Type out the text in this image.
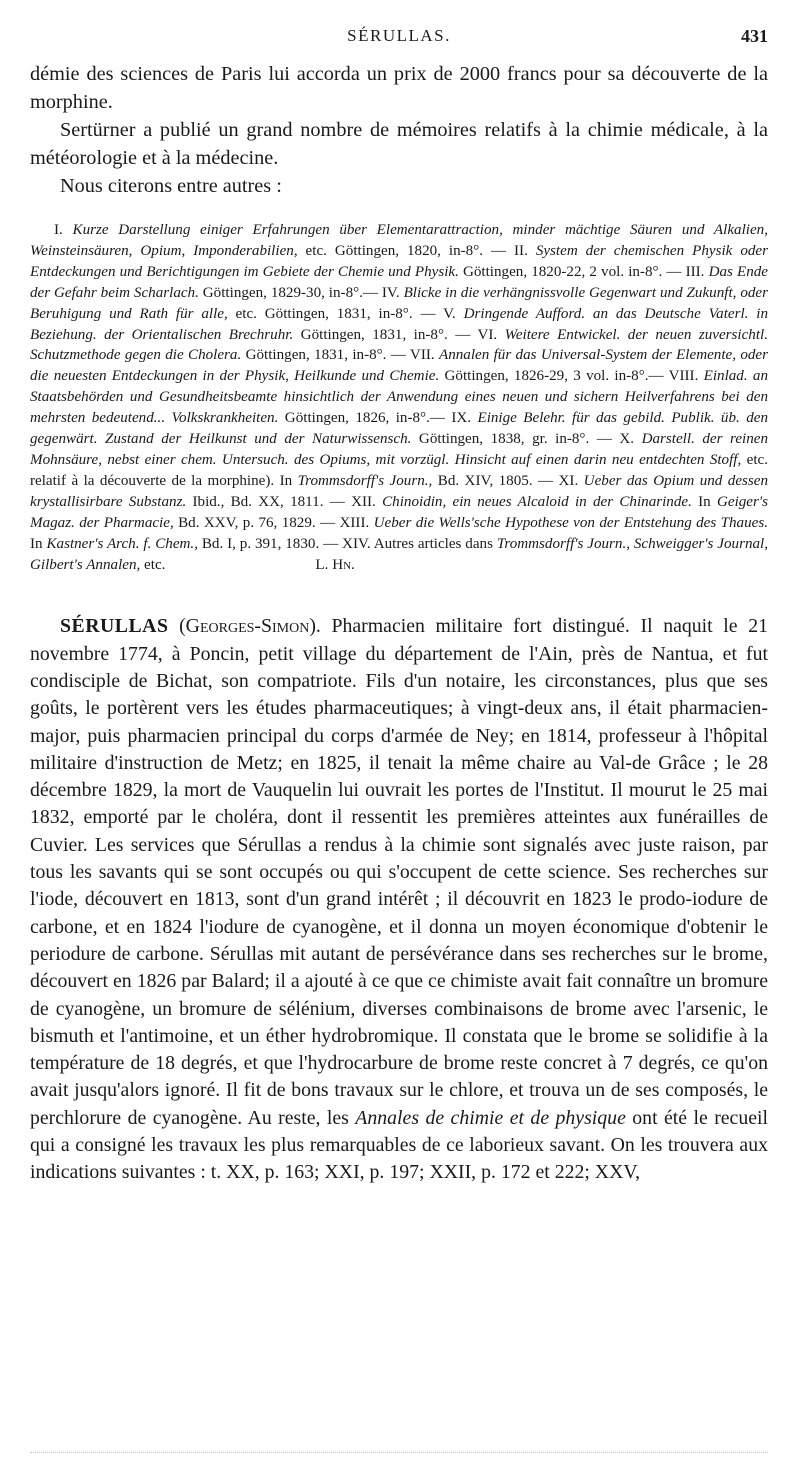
SÉRULLAS.	431

démie des sciences de Paris lui accorda un prix de 2000 francs pour sa découverte de la morphine.

Sertürner a publié un grand nombre de mémoires relatifs à la chimie médicale, à la météorologie et à la médecine.

Nous citerons entre autres :

I. Kurze Darstellung einiger Erfahrungen über Elementarattraction, minder mächtige Säuren und Alkalien, Weinsteinsäuren, Opium, Imponderabilien, etc. Göttingen, 1820, in-8°. — II. System der chemischen Physik oder Entdeckungen und Berichtigungen im Gebiete der Chemie und Physik. Göttingen, 1820-22, 2 vol. in-8°. — III. Das Ende der Gefahr beim Scharlach. Göttingen, 1829-30, in-8°.— IV. Blicke in die verhängnissvolle Gegenwart und Zukunft, oder Beruhigung und Rath für alle, etc. Göttingen, 1831, in-8°. — V. Dringende Aufford. an das Deutsche Vaterl. in Beziehung. der Orientalischen Brechruhr. Göttingen, 1831, in-8°. — VI. Weitere Entwickel. der neuen zuversichtl. Schutzmethode gegen die Cholera. Göttingen, 1831, in-8°. — VII. Annalen für das Universal-System der Elemente, oder die neuesten Entdeckungen in der Physik, Heilkunde und Chemie. Göttingen, 1826-29, 3 vol. in-8°.— VIII. Einlad. an Staatsbehörden und Gesundheitsbeamte hinsichtlich der Anwendung eines neuen und sichern Heilverfahrens bei den mehrsten bedeutend... Volkskrankheiten. Göttingen, 1826, in-8°.— IX. Einige Belehr. für das gebild. Publik. üb. den gegenwärt. Zustand der Heilkunst und der Naturwissensch. Göttingen, 1838, gr. in-8°. — X. Darstell. der reinen Mohnsäure, nebst einer chem. Untersuch. des Opiums, mit vorzügl. Hinsicht auf einen darin neu entdechten Stoff, etc. relatif à la découverte de la morphine). In Trommsdorff's Journ., Bd. XIV, 1805. — XI. Ueber das Opium und dessen krystallisirbare Substanz. Ibid., Bd. XX, 1811. — XII. Chinoidin, ein neues Alcaloid in der Chinarinde. In Geiger's Magaz. der Pharmacie, Bd. XXV, p. 76, 1829. — XIII. Ueber die Wells'sche Hypothese von der Entstehung des Thaues. In Kastner's Arch. f. Chem., Bd. I, p. 391, 1830. — XIV. Autres articles dans Trommsdorff's Journ., Schweigger's Journal, Gilbert's Annalen, etc.	L. Hn.
SÉRULLAS (Georges-Simon). Pharmacien militaire fort distingué. Il naquit le 21 novembre 1774, à Poncin, petit village du département de l'Ain, près de Nantua, et fut condisciple de Bichat, son compatriote. Fils d'un notaire, les circonstances, plus que ses goûts, le portèrent vers les études pharmaceutiques; à vingt-deux ans, il était pharmacien-major, puis pharmacien principal du corps d'armée de Ney; en 1814, professeur à l'hôpital militaire d'instruction de Metz; en 1825, il tenait la même chaire au Val-de Grâce ; le 28 décembre 1829, la mort de Vauquelin lui ouvrait les portes de l'Institut. Il mourut le 25 mai 1832, emporté par le choléra, dont il ressentit les premières atteintes aux funérailles de Cuvier. Les services que Sérullas a rendus à la chimie sont signalés avec juste raison, par tous les savants qui se sont occupés ou qui s'occupent de cette science. Ses recherches sur l'iode, découvert en 1813, sont d'un grand intérêt ; il découvrit en 1823 le prodo-iodure de carbone, et en 1824 l'iodure de cyanogène, et il donna un moyen économique d'obtenir le periodure de carbone. Sérullas mit autant de persévérance dans ses recherches sur le brome, découvert en 1826 par Balard; il a ajouté à ce que ce chimiste avait fait connaître un bromure de cyanogène, un bromure de sélénium, diverses combinaisons de brome avec l'arsenic, le bismuth et l'antimoine, et un éther hydrobromique. Il constata que le brome se solidifie à la température de 18 degrés, et que l'hydrocarbure de brome reste concret à 7 degrés, ce qu'on avait jusqu'alors ignoré. Il fit de bons travaux sur le chlore, et trouva un de ses composés, le perchlorure de cyanogène. Au reste, les Annales de chimie et de physique ont été le recueil qui a consigné les travaux les plus remarquables de ce laborieux savant. On les trouvera aux indications suivantes : t. XX, p. 163; XXI, p. 197; XXII, p. 172 et 222; XXV,
